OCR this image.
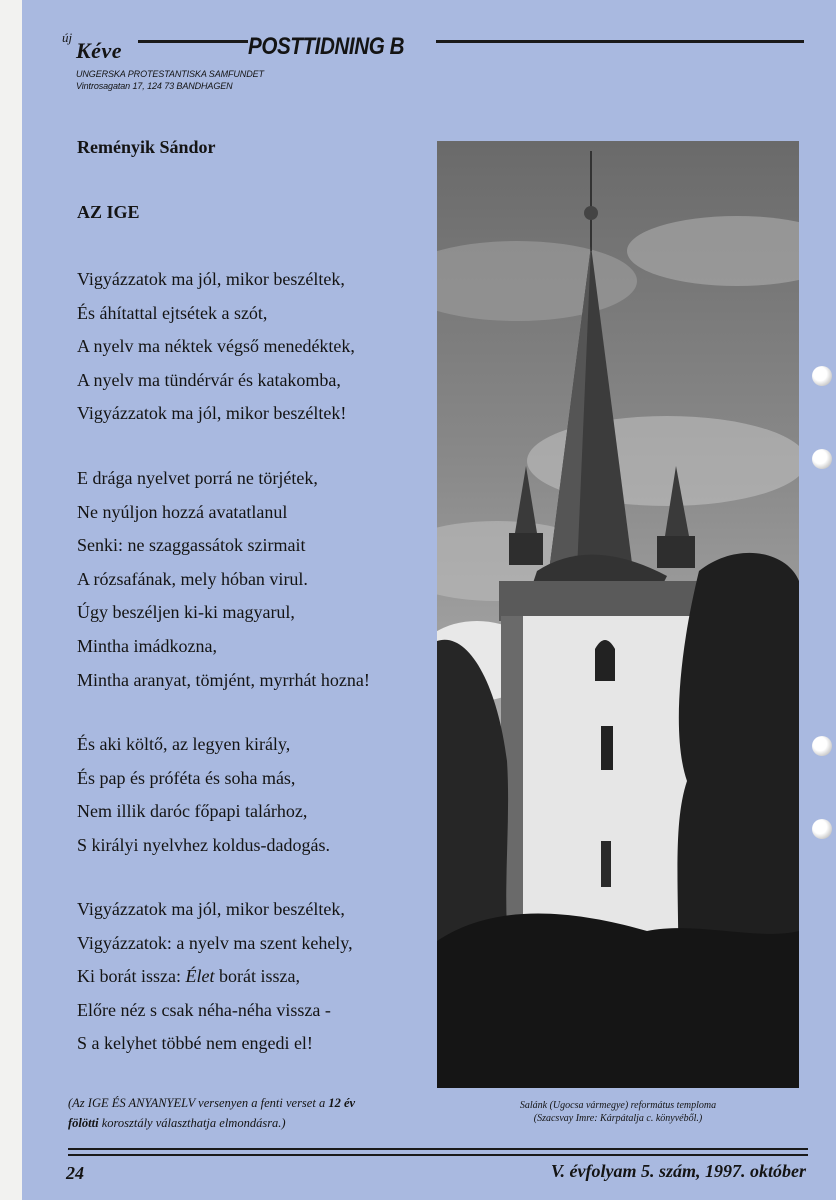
új
Kéve	POSTTIDNING B
UNGERSKA PROTESTANTISKA SAMFUNDET
Vintrosagatan 17, 124 73 BANDHAGEN
Reményik Sándor
AZ IGE
Vigyázzatok ma jól, mikor beszéltek,
És áhítattal ejtsétek a szót,
A nyelv ma néktek végső menedéktek,
A nyelv ma tündérvár és katakomba,
Vigyázzatok ma jól, mikor beszéltek!
E drága nyelvet porrá ne törjétek,
Ne nyúljon hozzá avatatlanul
Senki: ne szaggassátok szirmait
A rózsafának, mely hóban virul.
Úgy beszéljen ki-ki magyarul,
Mintha imádkozna,
Mintha aranyat, tömjént, myrrhát hozna!
És aki költő, az legyen király,
És pap és próféta és soha más,
Nem illik daróc főpapi talárhoz,
S királyi nyelvhez koldus-dadogás.
Vigyázzatok ma jól, mikor beszéltek,
Vigyázzatok: a nyelv ma szent kehely,
Ki borát issza: Élet borát issza,
Előre néz s csak néha-néha vissza -
S a kelyhet többé nem engedi el!
(Az IGE ÉS ANYANYELV versenyen a fenti verset a 12 év
fölötti korosztály választhatja elmondásra.)
Salánk (Ugocsa vármegye) református temploma
(Szacsvay Imre: Kárpátalja c. könyvéből.)
24	V. évfolyam 5. szám, 1997. október
